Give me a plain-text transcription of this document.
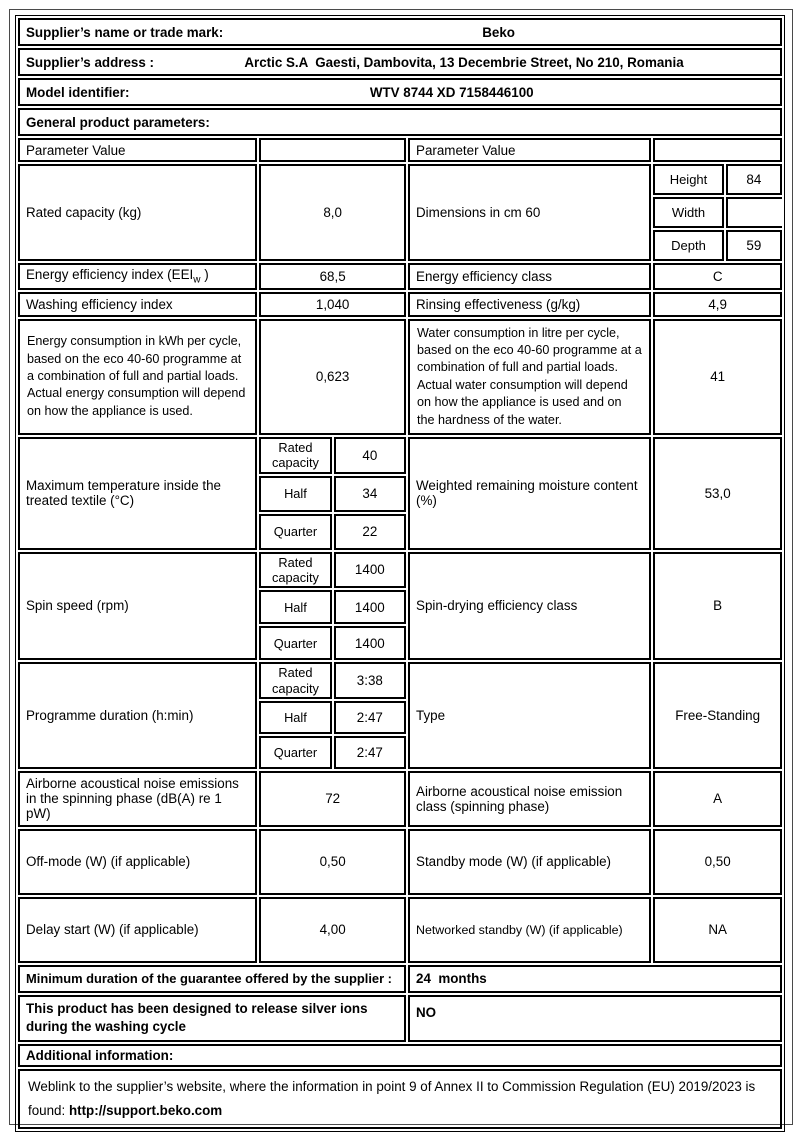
Supplier’s name or trade mark: Beko					

Supplier’s address : Arctic S.A  Gaesti, Dambovita, 13 Decembrie Street, No 210, Romania					

Model identifier: WTV 8744 XD 7158446100					

General product parameters:					
Parameter Value			Parameter Value		
Rated capacity (kg)	8,0		Dimensions in cm 60	Height	84
				Width	
				Depth	59
Energy efficiency index ($EEI_w$ )	68,5		Energy efficiency class	C	
Washing efficiency index	1,040		Rinsing effectiveness (g/kg)	4,9	
Energy consumption in kWh per cycle, based on the eco 40-60 programme at a combination of full and partial loads. Actual energy consumption will depend on how the appliance is used.	0,623		Water consumption in litre per cycle, based on the eco 40-60 programme at a combination of full and partial loads. Actual water consumption will depend on how the appliance is used and on the hardness of the water.	41	
Maximum temperature inside the treated textile (°C)	Rated capacity	40	Weighted remaining moisture content (%)	53,0	
	Half	34			
	Quarter	22			
Spin speed (rpm)	Rated capacity	1400	Spin-drying efficiency class	B	
	Half	1400			
	Quarter	1400			
Programme duration (h:min)	Rated capacity	3:38	Type	Free-Standing	
	Half	2:47			
	Quarter	2:47			
Airborne acoustical noise emissions in the spinning phase (dB(A) re 1 pW)	72		Airborne acoustical noise emission class (spinning phase)	A	
Off-mode (W) (if applicable)	0,50		Standby mode (W) (if applicable)	0,50	
Delay start (W) (if applicable)	4,00		Networked standby (W) (if applicable)	NA	
Minimum duration of the guarantee offered by the supplier :			24  months		
This product has been designed to release silver ions during the washing cycle			NO		
Additional information:					
Weblink to the supplier’s website, where the information in point 9 of Annex II to Commission Regulation (EU) 2019/2023 is found: http://support.beko.com					
